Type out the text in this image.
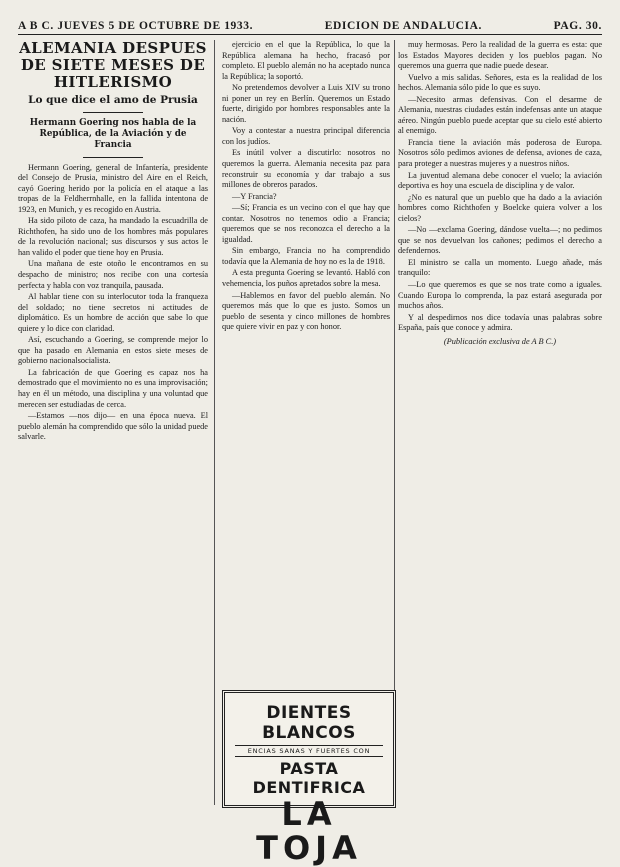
A B C. JUEVES 5 DE OCTUBRE DE 1933.	EDICION DE ANDALUCIA.	PAG. 30.
ALEMANIA DESPUES
DE SIETE MESES DE
HITLERISMO
Lo que dice el amo de Prusia
Hermann Goering nos habla de la República, de la Aviación y de Francia

Hermann Goering, general de Infantería, presidente del Consejo de Prusia, ministro del Aire en el Reich, cayó Goering herido por la policía en el ataque a las tropas de la Feldherrnhalle, en la fallida intentona de 1923, en Munich, y es recogido en Austria.

Ha sido piloto de caza, ha mandado la escuadrilla de Richthofen, ha sido uno de los hombres más populares de la revolución nacional; sus discursos y sus actos le han valido el poder que tiene hoy en Prusia.

Una mañana de este otoño le encontramos en su despacho de ministro; nos recibe con una cortesía perfecta y habla con voz tranquila, pausada.

Al hablar tiene con su interlocutor toda la franqueza del soldado; no tiene secretos ni actitudes de diplomático. Es un hombre de acción que sabe lo que quiere y lo dice con claridad.

Así, escuchando a Goering, se comprende mejor lo que ha pasado en Alemania en estos siete meses de gobierno nacionalsocialista.

La fabricación de que Goering es capaz nos ha demostrado que el movimiento no es una improvisación; hay en él un método, una disciplina y una voluntad que merecen ser estudiadas de cerca.

—Estamos —nos dijo— en una época nueva. El pueblo alemán ha comprendido que sólo la unidad puede salvarle.

ejercicio en el que la República, lo que la República alemana ha hecho, fracasó por completo. El pueblo alemán no ha aceptado nunca la República; la soportó.

No pretendemos devolver a Luis XIV su trono ni poner un rey en Berlín. Queremos un Estado fuerte, dirigido por hombres responsables ante la nación.

Voy a contestar a nuestra principal diferencia con los judíos.

Es inútil volver a discutirlo: nosotros no queremos la guerra. Alemania necesita paz para reconstruir su economía y dar trabajo a sus millones de obreros parados.

—Y Francia?

—Sí; Francia es un vecino con el que hay que contar. Nosotros no tenemos odio a Francia; queremos que se nos reconozca el derecho a la igualdad.

Sin embargo, Francia no ha comprendido todavía que la Alemania de hoy no es la de 1918.

A esta pregunta Goering se levantó. Habló con vehemencia, los puños apretados sobre la mesa.

—Hablemos en favor del pueblo alemán. No queremos más que lo que es justo. Somos un pueblo de sesenta y cinco millones de hombres que quiere vivir en paz y con honor.

DIENTES BLANCOS
ENCIAS SANAS Y FUERTES CON
PASTA DENTIFRICA
LA TOJA

muy hermosas. Pero la realidad de la guerra es esta: que los Estados Mayores deciden y los pueblos pagan. No queremos una guerra que nadie puede desear.

Vuelvo a mis salidas. Señores, esta es la realidad de los hechos. Alemania sólo pide lo que es suyo.

—Necesito armas defensivas. Con el desarme de Alemania, nuestras ciudades están indefensas ante un ataque aéreo. Ningún pueblo puede aceptar que su cielo esté abierto al enemigo.

Francia tiene la aviación más poderosa de Europa. Nosotros sólo pedimos aviones de defensa, aviones de caza, para proteger a nuestras mujeres y a nuestros niños.

La juventud alemana debe conocer el vuelo; la aviación deportiva es hoy una escuela de disciplina y de valor.

¿No es natural que un pueblo que ha dado a la aviación hombres como Richthofen y Boelcke quiera volver a los cielos?

—No —exclama Goering, dándose vuelta—; no pedimos que se nos devuelvan los cañones; pedimos el derecho a defendernos.

El ministro se calla un momento. Luego añade, más tranquilo:

—Lo que queremos es que se nos trate como a iguales. Cuando Europa lo comprenda, la paz estará asegurada por muchos años.

Y al despedirnos nos dice todavía unas palabras sobre España, país que conoce y admira.

(Publicación exclusiva de A B C.)
